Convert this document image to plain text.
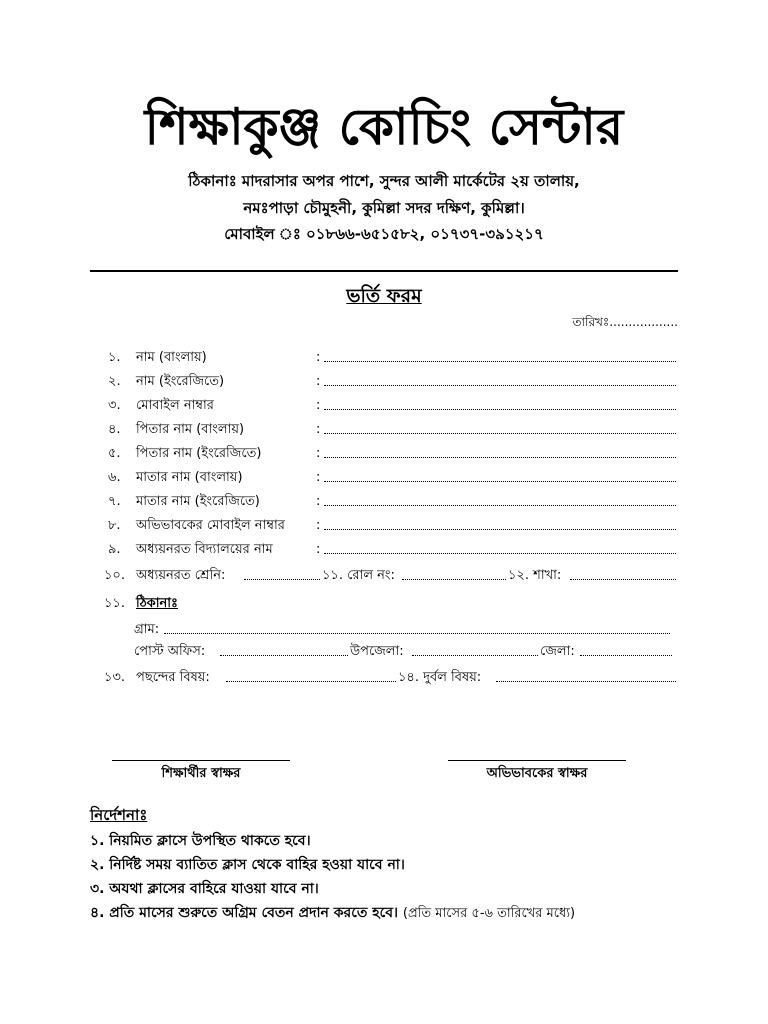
শিক্ষাকুঞ্জ কোচিং সেন্টার
ঠিকানাঃ মাদরাসার অপর পাশে, সুন্দর আলী মার্কেটের ২য় তালায়,
নমঃপাড়া চৌমুহনী, কুমিল্লা সদর দক্ষিণ, কুমিল্লা।
মোবাইল ঃ ০১৮৬৬-৬৫১৫৮২, ০১৭৩৭-৩৯১২১৭
ভর্তি ফরম
তারিখঃ..................
১. নাম (বাংলায়)	:
২. নাম (ইংরেজিতে)	:
৩. মোবাইল নাম্বার	:
৪. পিতার নাম (বাংলায়)	:
৫. পিতার নাম (ইংরেজিতে)	:
৬. মাতার নাম (বাংলায়)	:
৭. মাতার নাম (ইংরেজিতে)	:
৮. অভিভাবকের মোবাইল নাম্বার :
৯. অধ্যয়নরত বিদ্যালয়ের নাম	:
১০. অধ্যয়নরত শ্রেনি:	১১. রোল নং:	১২. শাখা:
১১. ঠিকানাঃ
গ্রাম:
পোস্ট অফিস:	উপজেলা:	জেলা:
১৩. পছন্দের বিষয়:	১৪. দুর্বল বিষয়:
শিক্ষার্থীর স্বাক্ষর	অভিভাবকের স্বাক্ষর
নির্দেশনাঃ
১. নিয়মিত ক্লাসে উপস্থিত থাকতে হবে।
২. নির্দিষ্ট সময় ব্যাতিত ক্লাস থেকে বাহির হওয়া যাবে না।
৩. অযথা ক্লাসের বাহিরে যাওয়া যাবে না।
৪. প্রতি মাসের শুরুতে অগ্রিম বেতন প্রদান করতে হবে। (প্রতি মাসের ৫-৬ তারিখের মধ্যে)
